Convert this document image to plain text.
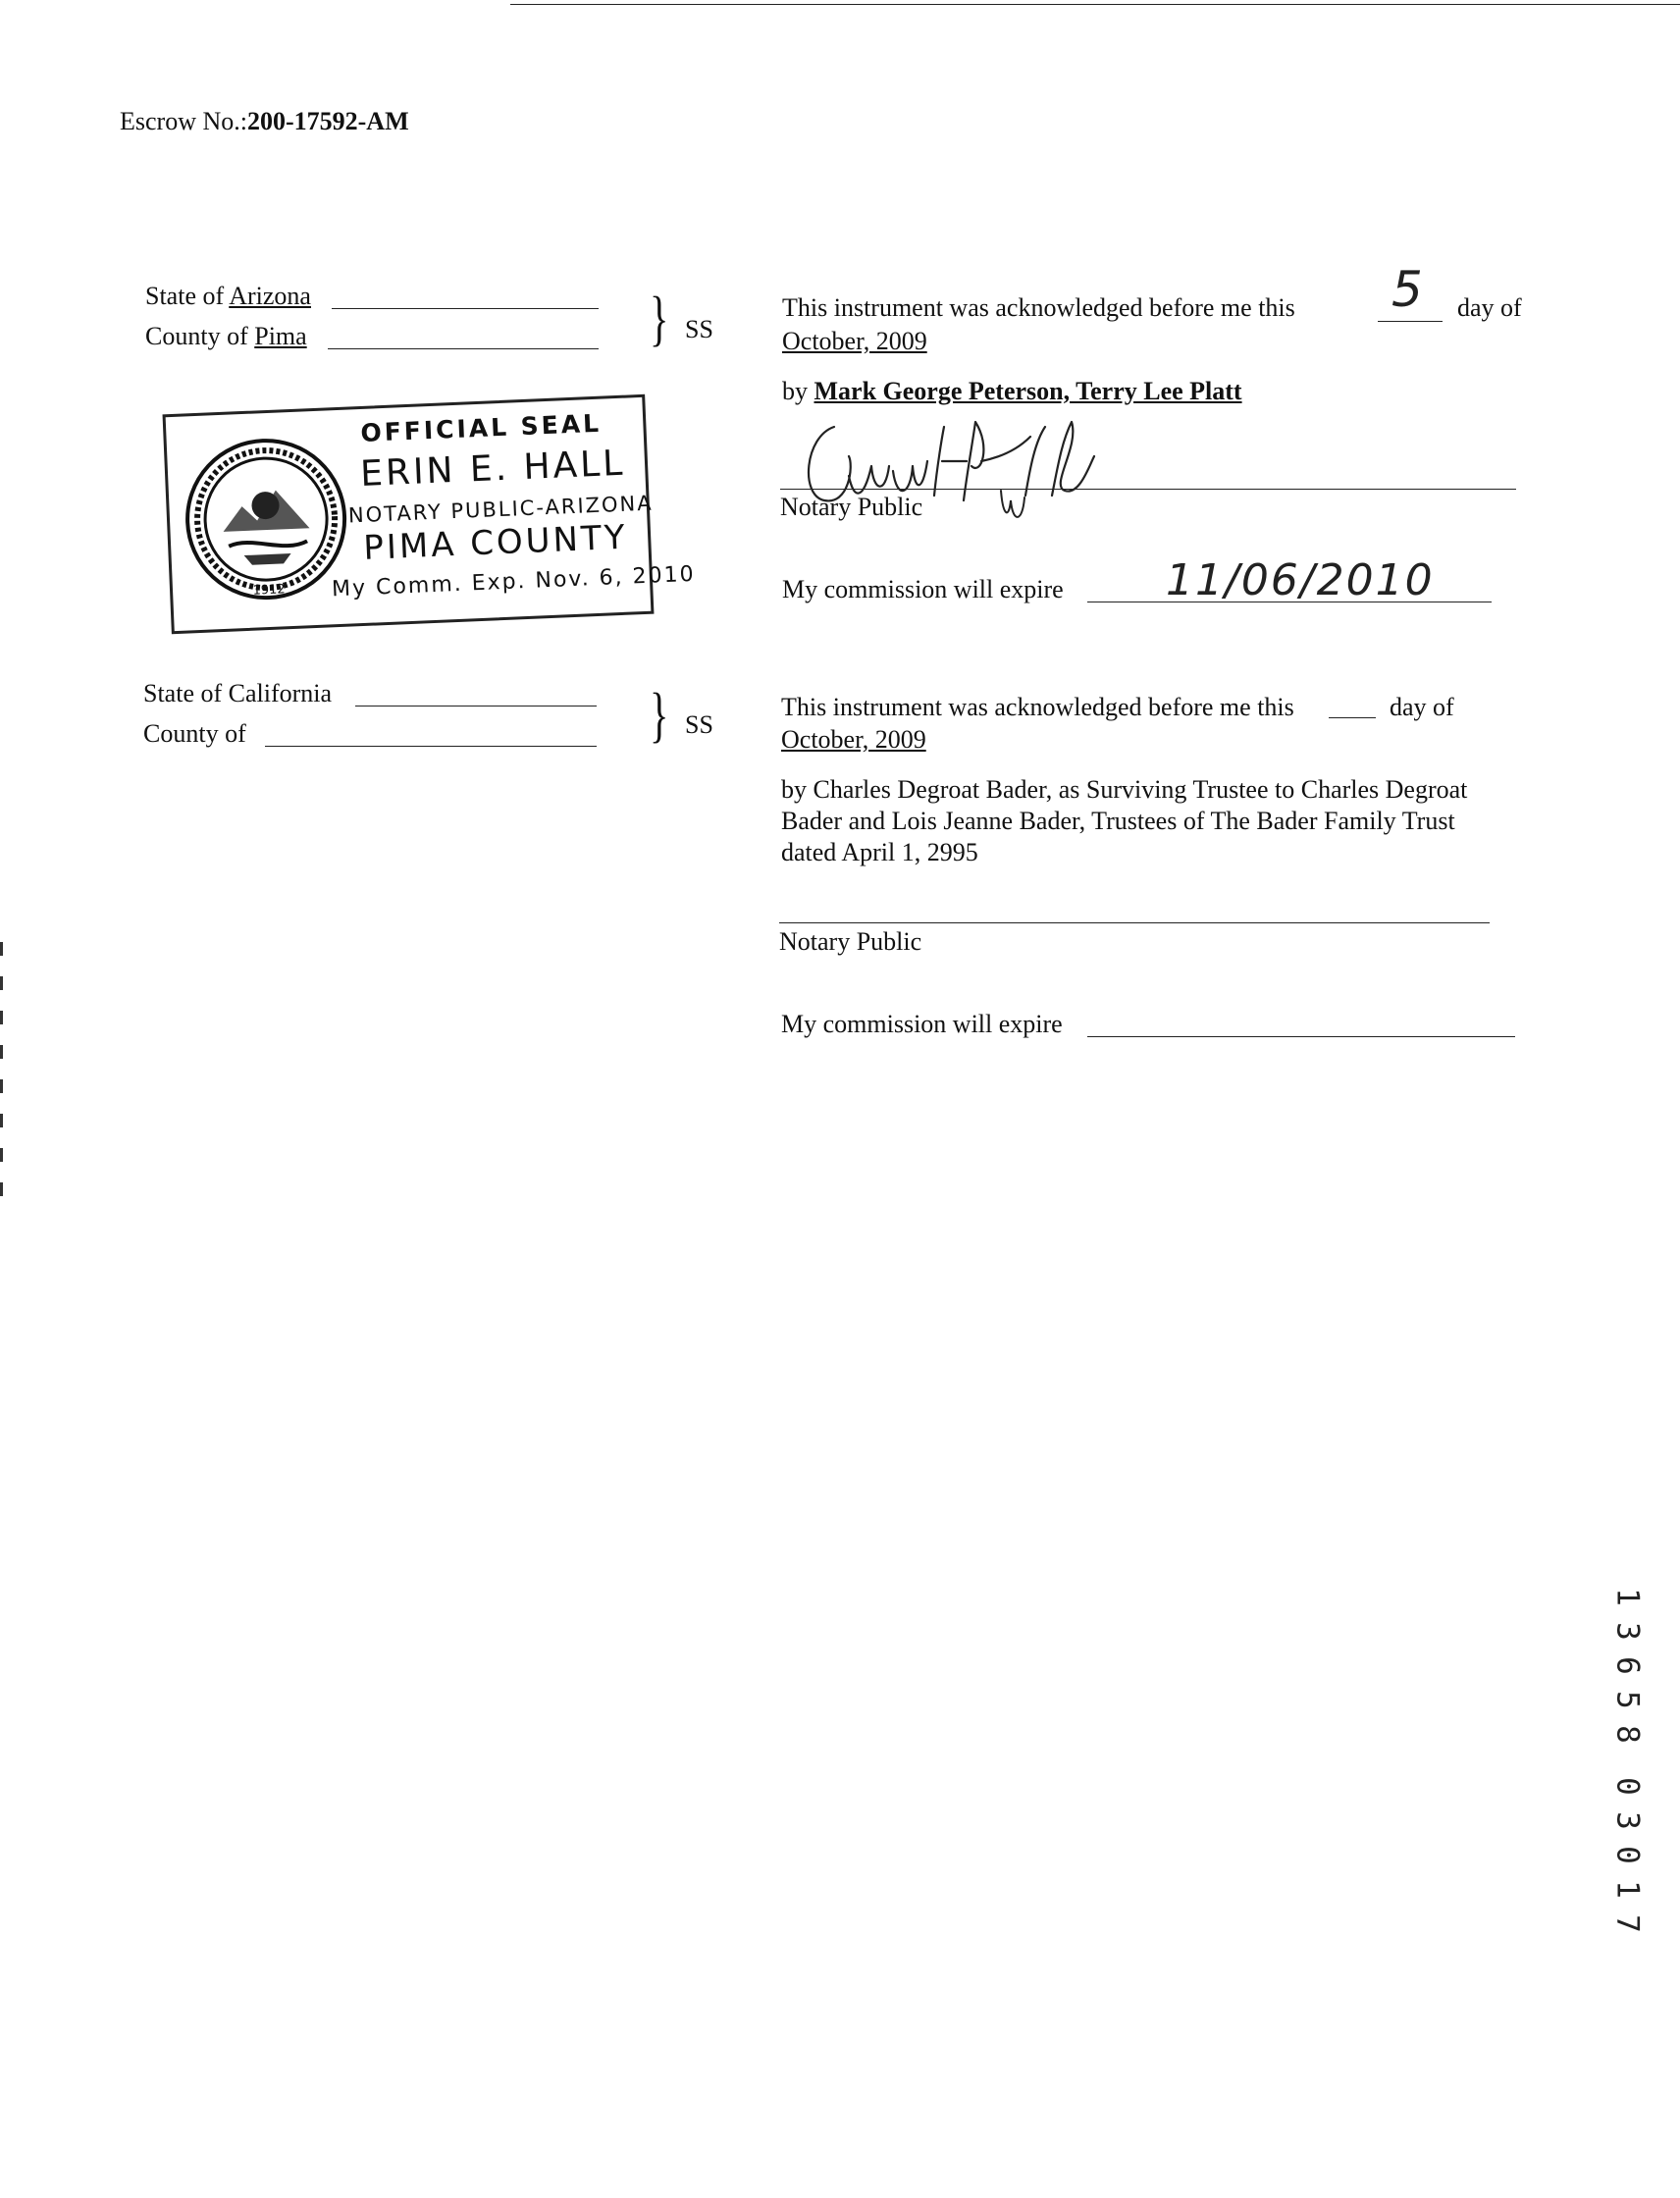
Escrow No.:200-17592-AM
State of Arizona
County of Pima	} SS
This instrument was acknowledged before me this 5 day of
October, 2009
by Mark George Peterson, Terry Lee Platt
Notary Public
My commission will expire 11/06/2010
1912
OFFICIAL SEAL
ERIN E. HALL
NOTARY PUBLIC-ARIZONA
PIMA COUNTY
My Comm. Exp. Nov. 6, 2010
State of California
County of	} SS
This instrument was acknowledged before me this	day of
October, 2009
by Charles Degroat Bader, as Surviving Trustee to Charles Degroat
Bader and Lois Jeanne Bader, Trustees of The Bader Family Trust
dated April 1, 2995
Notary Public
My commission will expire
1
3
6
5
8
0
3
0
1
7
